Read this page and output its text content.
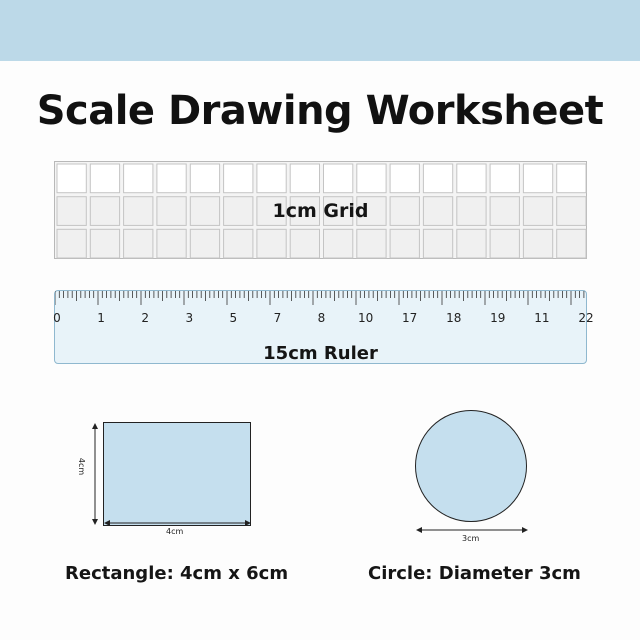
Scale Drawing Worksheet
1cm Grid
0	1	2	3	5	7	8	10 17 18 19 11 22
15cm Ruler
4cm
4cm
3cm
Rectangle: 4cm x 6cm	Circle: Diameter 3cm
